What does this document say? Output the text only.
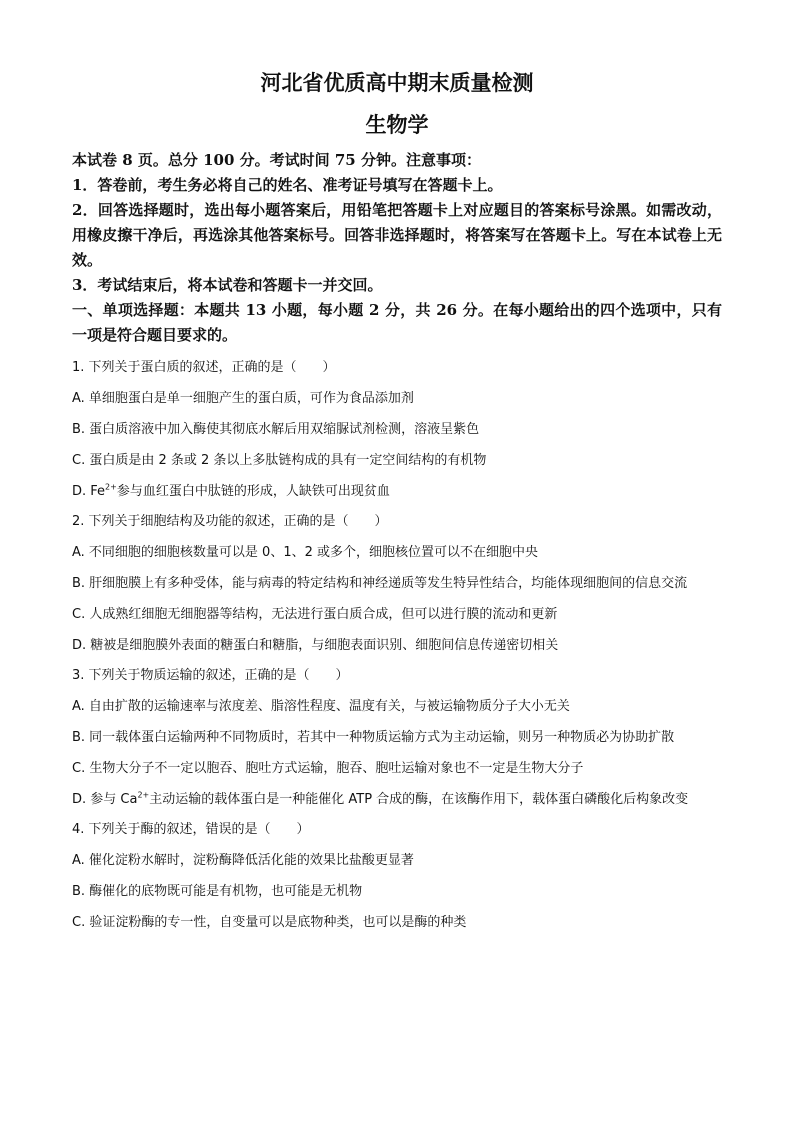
河北省优质高中期末质量检测
生物学

本试卷 8 页。总分 100 分。考试时间 75 分钟。注意事项：

1．答卷前，考生务必将自己的姓名、准考证号填写在答题卡上。

2．回答选择题时，选出每小题答案后，用铅笔把答题卡上对应题目的答案标号涂黑。如需改动，用橡皮擦干净后，再选涂其他答案标号。回答非选择题时，将答案写在答题卡上。写在本试卷上无效。

3．考试结束后，将本试卷和答题卡一并交回。

一、单项选择题：本题共 13 小题，每小题 2 分，共 26 分。在每小题给出的四个选项中，只有一项是符合题目要求的。

1. 下列关于蛋白质的叙述，正确的是（　　）

A. 单细胞蛋白是单一细胞产生的蛋白质，可作为食品添加剂

B. 蛋白质溶液中加入酶使其彻底水解后用双缩脲试剂检测，溶液呈紫色

C. 蛋白质是由 2 条或 2 条以上多肽链构成的具有一定空间结构的有机物

D. $Fe^{2+}$参与血红蛋白中肽链的形成，人缺铁可出现贫血

2. 下列关于细胞结构及功能的叙述，正确的是（　　）

A. 不同细胞的细胞核数量可以是 0、1、2 或多个，细胞核位置可以不在细胞中央

B. 肝细胞膜上有多种受体，能与病毒的特定结构和神经递质等发生特异性结合，均能体现细胞间的信息交流

C. 人成熟红细胞无细胞器等结构，无法进行蛋白质合成，但可以进行膜的流动和更新

D. 糖被是细胞膜外表面的糖蛋白和糖脂，与细胞表面识别、细胞间信息传递密切相关

3. 下列关于物质运输的叙述，正确的是（　　）

A. 自由扩散的运输速率与浓度差、脂溶性程度、温度有关，与被运输物质分子大小无关

B. 同一载体蛋白运输两种不同物质时，若其中一种物质运输方式为主动运输，则另一种物质必为协助扩散

C. 生物大分子不一定以胞吞、胞吐方式运输，胞吞、胞吐运输对象也不一定是生物大分子

D. 参与 $Ca^{2+}$主动运输的载体蛋白是一种能催化 ATP 合成的酶，在该酶作用下，载体蛋白磷酸化后构象改变

4. 下列关于酶的叙述，错误的是（　　）

A. 催化淀粉水解时，淀粉酶降低活化能的效果比盐酸更显著

B. 酶催化的底物既可能是有机物，也可能是无机物

C. 验证淀粉酶的专一性，自变量可以是底物种类，也可以是酶的种类
